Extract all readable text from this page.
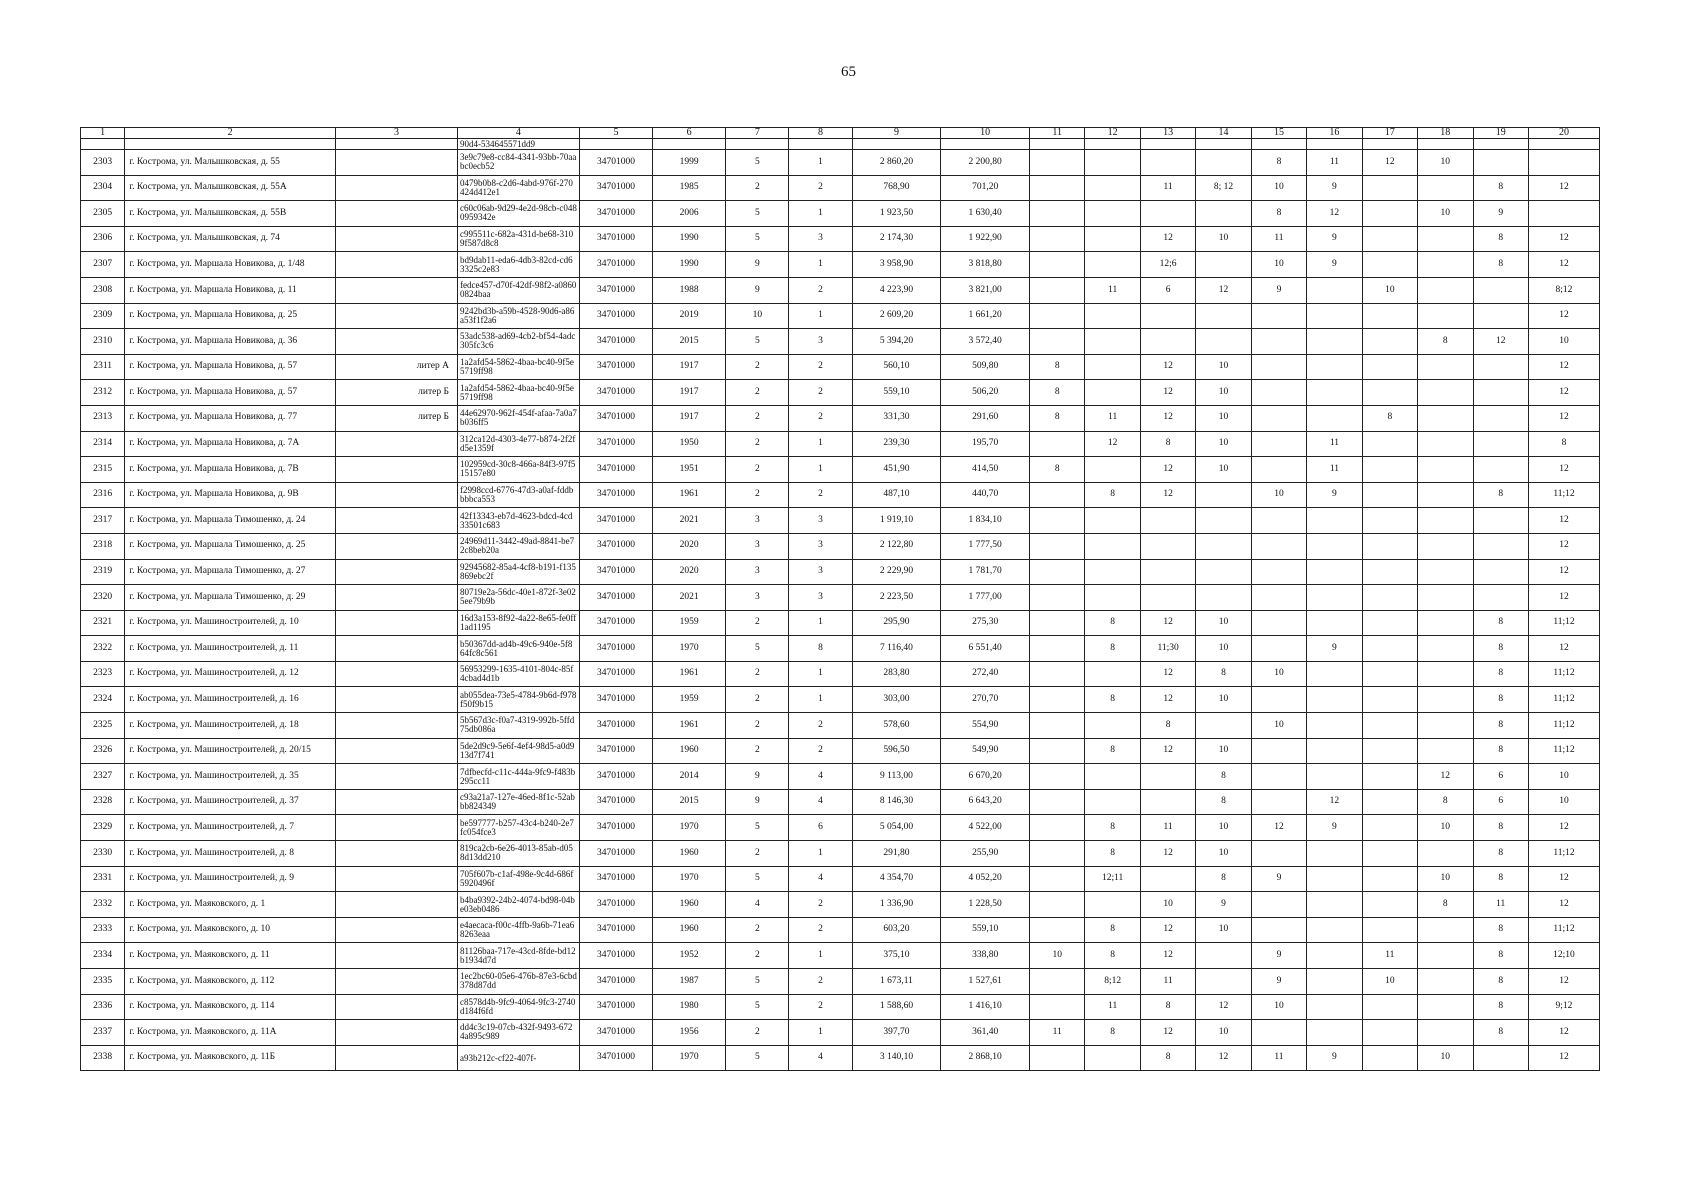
65
1	2	3	4	5	6	7	8	9	10	11	12	13	14	15	16	17	18	19	20
			90d4-534645571dd9																
2303	г. Кострома, ул. Малышковская, д. 55		3e9c79e8-cc84-4341-93bb-70aabc0ecb52	34701000	1999	5	1	2 860,20	2 200,80					8	11	12	10		
2304	г. Кострома, ул. Малышковская, д. 55А		0479b0b8-c2d6-4abd-976f-270424d412e1	34701000	1985	2	2	768,90	701,20			11	8; 12	10	9			8	12
2305	г. Кострома, ул. Малышковская, д. 55В		c60c06ab-9d29-4e2d-98cb-c0480959342e	34701000	2006	5	1	1 923,50	1 630,40					8	12		10	9	
2306	г. Кострома, ул. Малышковская, д. 74		c995511c-682a-431d-be68-3109f587d8c8	34701000	1990	5	3	2 174,30	1 922,90			12	10	11	9			8	12
2307	г. Кострома, ул. Маршала Новикова, д. 1/48		bd9dab11-eda6-4db3-82cd-cd63325c2e83	34701000	1990	9	1	3 958,90	3 818,80			12;6		10	9			8	12
2308	г. Кострома, ул. Маршала Новикова, д. 11		fedce457-d70f-42df-98f2-a08600824baa	34701000	1988	9	2	4 223,90	3 821,00		11	6	12	9		10			8;12
2309	г. Кострома, ул. Маршала Новикова, д. 25		9242bd3b-a59b-4528-90d6-a86a53f1f2a6	34701000	2019	10	1	2 609,20	1 661,20										12
2310	г. Кострома, ул. Маршала Новикова, д. 36		53adc538-ad69-4cb2-bf54-4adc305fc3c6	34701000	2015	5	3	5 394,20	3 572,40								8	12	10
2311	г. Кострома, ул. Маршала Новикова, д. 57	литер А	1a2afd54-5862-4baa-bc40-9f5e5719ff98	34701000	1917	2	2	560,10	509,80	8		12	10						12
2312	г. Кострома, ул. Маршала Новикова, д. 57	литер Б	1a2afd54-5862-4baa-bc40-9f5e5719ff98	34701000	1917	2	2	559,10	506,20	8		12	10						12
2313	г. Кострома, ул. Маршала Новикова, д. 77	литер Б	44e62970-962f-454f-afaa-7a0a7b036ff5	34701000	1917	2	2	331,30	291,60	8	11	12	10			8			12
2314	г. Кострома, ул. Маршала Новикова, д. 7А		312ca12d-4303-4e77-b874-2f2fd5e1359f	34701000	1950	2	1	239,30	195,70		12	8	10		11				8
2315	г. Кострома, ул. Маршала Новикова, д. 7В		102959cd-30c8-466a-84f3-97f515157e80	34701000	1951	2	1	451,90	414,50	8		12	10		11				12
2316	г. Кострома, ул. Маршала Новикова, д. 9В		f2998ccd-6776-47d3-a0af-fddbbbbca553	34701000	1961	2	2	487,10	440,70		8	12		10	9			8	11;12
2317	г. Кострома, ул. Маршала Тимошенко, д. 24		42f13343-eb7d-4623-bdcd-4cd33501c683	34701000	2021	3	3	1 919,10	1 834,10										12
2318	г. Кострома, ул. Маршала Тимошенко, д. 25		24969d11-3442-49ad-8841-be72c8beb20a	34701000	2020	3	3	2 122,80	1 777,50										12
2319	г. Кострома, ул. Маршала Тимошенко, д. 27		92945682-85a4-4cf8-b191-f135869ebc2f	34701000	2020	3	3	2 229,90	1 781,70										12
2320	г. Кострома, ул. Маршала Тимошенко, д. 29		80719e2a-56dc-40e1-872f-3e025ee79b9b	34701000	2021	3	3	2 223,50	1 777,00										12
2321	г. Кострома, ул. Машиностроителей, д. 10		16d3a153-8f92-4a22-8e65-fe0ff1ad1195	34701000	1959	2	1	295,90	275,30		8	12	10					8	11;12
2322	г. Кострома, ул. Машиностроителей, д. 11		b50367dd-ad4b-49c6-940e-5f864fc8c561	34701000	1970	5	8	7 116,40	6 551,40		8	11;30	10		9			8	12
2323	г. Кострома, ул. Машиностроителей, д. 12		56953299-1635-4101-804c-85f4cbad4d1b	34701000	1961	2	1	283,80	272,40			12	8	10				8	11;12
2324	г. Кострома, ул. Машиностроителей, д. 16		ab055dea-73e5-4784-9b6d-f978f50f9b15	34701000	1959	2	1	303,00	270,70		8	12	10					8	11;12
2325	г. Кострома, ул. Машиностроителей, д. 18		5b567d3c-f0a7-4319-992b-5ffd75db086a	34701000	1961	2	2	578,60	554,90			8		10				8	11;12
2326	г. Кострома, ул. Машиностроителей, д. 20/15		5de2d9c9-5e6f-4ef4-98d5-a0d913d7f741	34701000	1960	2	2	596,50	549,90		8	12	10					8	11;12
2327	г. Кострома, ул. Машиностроителей, д. 35		7dfbecfd-c11c-444a-9fc9-f483b295cc11	34701000	2014	9	4	9 113,00	6 670,20				8				12	6	10
2328	г. Кострома, ул. Машиностроителей, д. 37		c93a21a7-127e-46ed-8f1c-52abbb824349	34701000	2015	9	4	8 146,30	6 643,20				8		12		8	6	10
2329	г. Кострома, ул. Машиностроителей, д. 7		be597777-b257-43c4-b240-2e7fc054fce3	34701000	1970	5	6	5 054,00	4 522,00		8	11	10	12	9		10	8	12
2330	г. Кострома, ул. Машиностроителей, д. 8		819ca2cb-6e26-4013-85ab-d058d13dd210	34701000	1960	2	1	291,80	255,90		8	12	10					8	11;12
2331	г. Кострома, ул. Машиностроителей, д. 9		705f607b-c1af-498e-9c4d-686f5920496f	34701000	1970	5	4	4 354,70	4 052,20		12;11		8	9			10	8	12
2332	г. Кострома, ул. Маяковского, д. 1		b4ba9392-24b2-4074-bd98-04be03eb0486	34701000	1960	4	2	1 336,90	1 228,50			10	9				8	11	12
2333	г. Кострома, ул. Маяковского, д. 10		e4aecaca-f00c-4ffb-9a6b-71ea68263eaa	34701000	1960	2	2	603,20	559,10		8	12	10					8	11;12
2334	г. Кострома, ул. Маяковского, д. 11		81126baa-717e-43cd-8fde-bd12b1934d7d	34701000	1952	2	1	375,10	338,80	10	8	12		9		11		8	12;10
2335	г. Кострома, ул. Маяковского, д. 112		1ec2bc60-05e6-476b-87e3-6cbd378d87dd	34701000	1987	5	2	1 673,11	1 527,61		8;12	11		9		10		8	12
2336	г. Кострома, ул. Маяковского, д. 114		c8578d4b-9fc9-4064-9fc3-2740d184f6fd	34701000	1980	5	2	1 588,60	1 416,10		11	8	12	10				8	9;12
2337	г. Кострома, ул. Маяковского, д. 11А		dd4c3c19-07cb-432f-9493-6724a895c989	34701000	1956	2	1	397,70	361,40	11	8	12	10					8	12
2338	г. Кострома, ул. Маяковского, д. 11Б		a93b212c-cf22-407f-	34701000	1970	5	4	3 140,10	2 868,10			8	12	11	9		10		12
